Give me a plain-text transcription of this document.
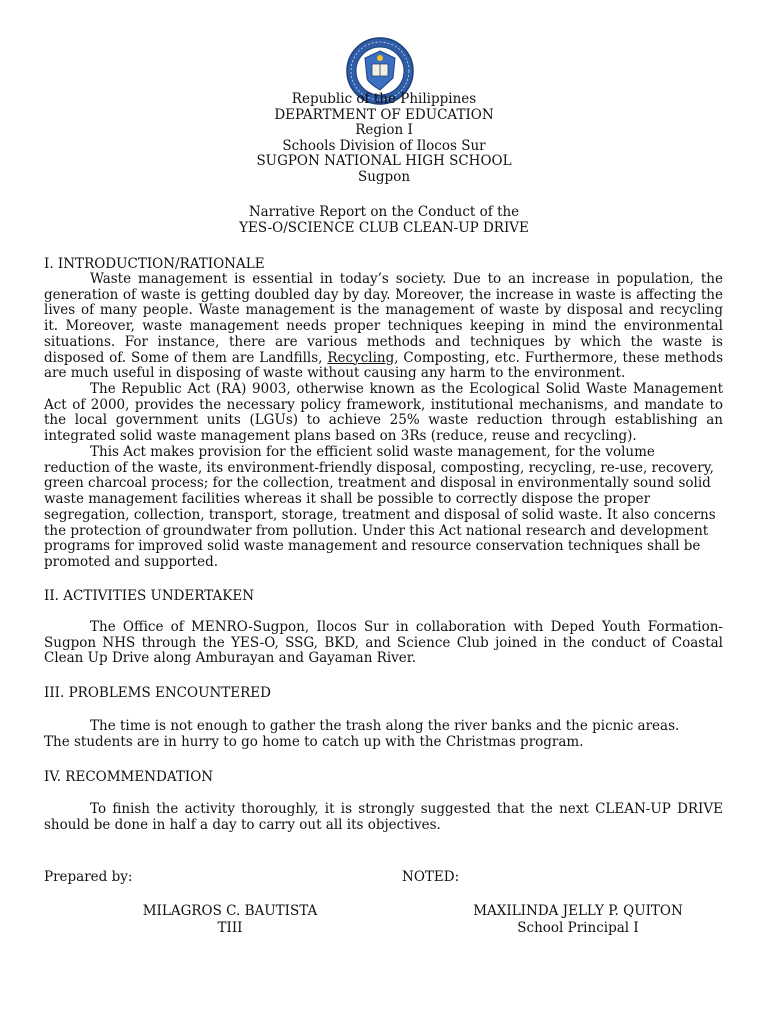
Republic of the Philippines
DEPARTMENT OF EDUCATION
Region I
Schools Division of Ilocos Sur
SUGPON NATIONAL HIGH SCHOOL
Sugpon
Narrative Report on the Conduct of the
YES-O/SCIENCE CLUB CLEAN-UP DRIVE
I. INTRODUCTION/RATIONALE
Waste management is essential in today’s society. Due to an increase in population, the
generation of waste is getting doubled day by day. Moreover, the increase in waste is affecting the
lives of many people. Waste management is the management of waste by disposal and recycling
it. Moreover, waste management needs proper techniques keeping in mind the environmental
situations. For instance, there are various methods and techniques by which the waste is
disposed of. Some of them are Landfills, Recycling, Composting, etc. Furthermore, these methods
are much useful in disposing of waste without causing any harm to the environment.
The Republic Act (RA) 9003, otherwise known as the Ecological Solid Waste Management
Act of 2000, provides the necessary policy framework, institutional mechanisms, and mandate to
the local government units (LGUs) to achieve 25% waste reduction through establishing an
integrated solid waste management plans based on 3Rs (reduce, reuse and recycling).
This Act makes provision for the efficient solid waste management, for the volume
reduction of the waste, its environment-friendly disposal, composting, recycling, re-use, recovery,
green charcoal process; for the collection, treatment and disposal in environmentally sound solid
waste management facilities whereas it shall be possible to correctly dispose the proper
segregation, collection, transport, storage, treatment and disposal of solid waste. It also concerns
the protection of groundwater from pollution. Under this Act national research and development
programs for improved solid waste management and resource conservation techniques shall be
promoted and supported.
II. ACTIVITIES UNDERTAKEN
The Office of MENRO-Sugpon, Ilocos Sur in collaboration with Deped Youth Formation-
Sugpon NHS through the YES-O, SSG, BKD, and Science Club joined in the conduct of Coastal
Clean Up Drive along Amburayan and Gayaman River.
III. PROBLEMS ENCOUNTERED
The time is not enough to gather the trash along the river banks and the picnic areas.
The students are in hurry to go home to catch up with the Christmas program.
IV. RECOMMENDATION
To finish the activity thoroughly, it is strongly suggested that the next CLEAN-UP DRIVE
should be done in half a day to carry out all its objectives.
Prepared by:	NOTED:
MILAGROS C. BAUTISTA
TIII
MAXILINDA JELLY P. QUITON
School Principal I
